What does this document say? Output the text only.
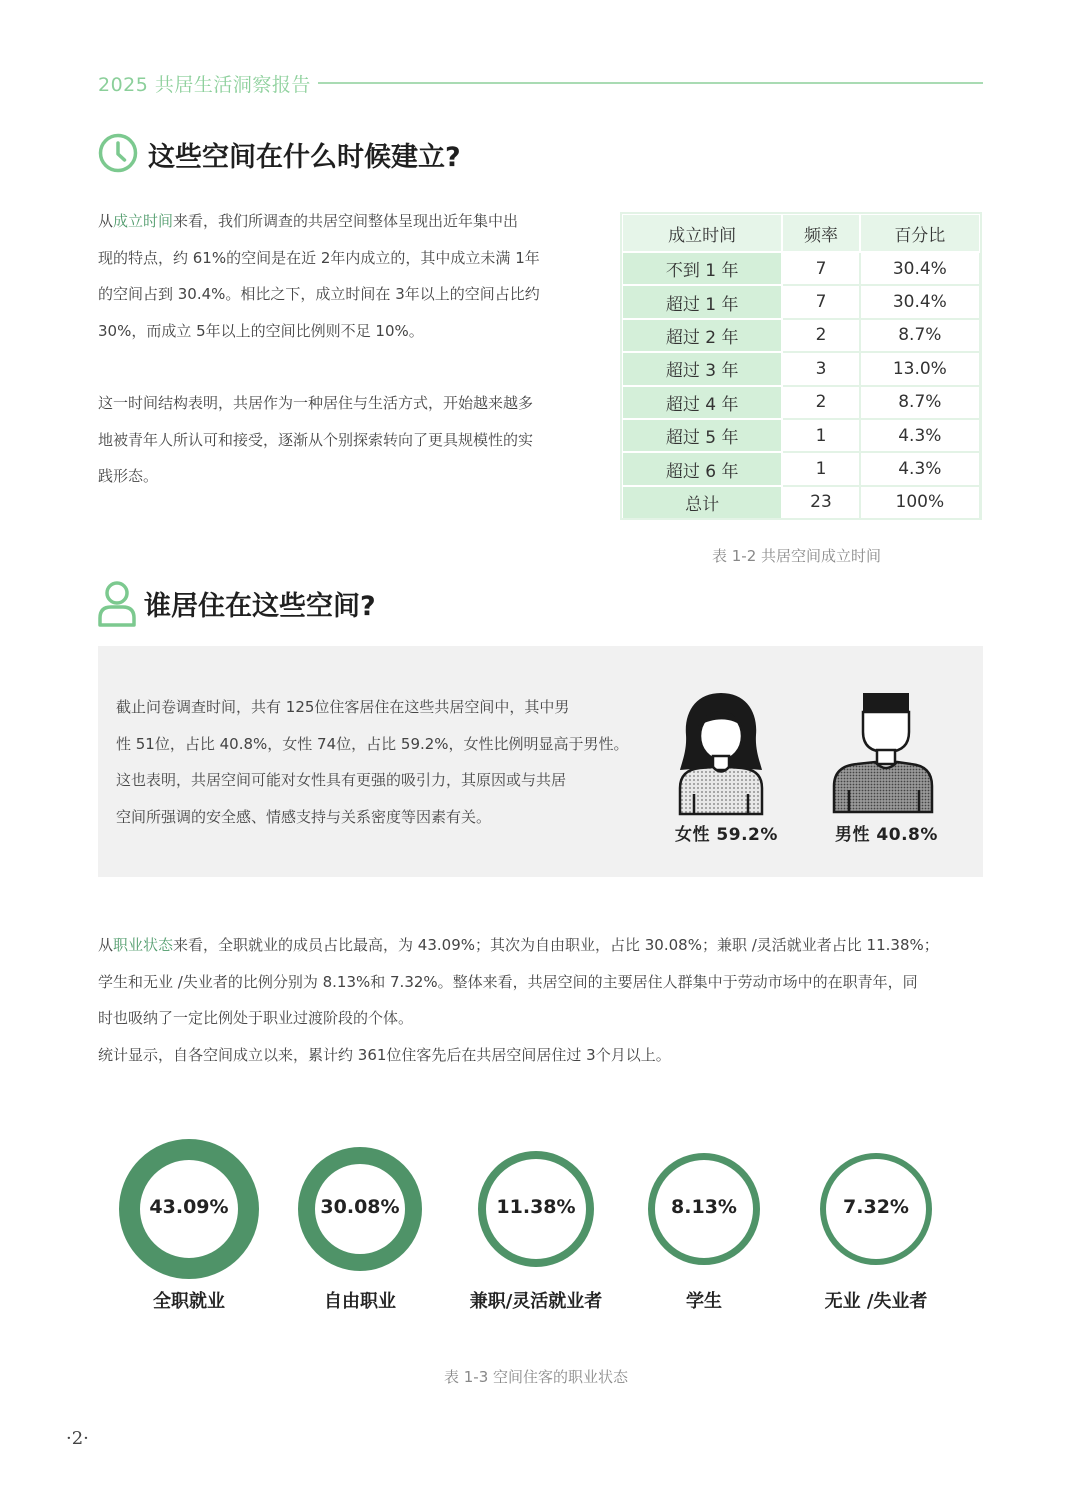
2025 共居生活洞察报告
这些空间在什么时候建立?
从成立时间来看，我们所调查的共居空间整体呈现出近年集中出
现的特点，约 61%的空间是在近 2年内成立的，其中成立未满 1年
的空间占到 30.4%。相比之下，成立时间在 3年以上的空间占比约
30%，而成立 5年以上的空间比例则不足 10%。
这一时间结构表明，共居作为一种居住与生活方式，开始越来越多
地被青年人所认可和接受，逐渐从个别探索转向了更具规模性的实
践形态。
成立时间	频率	百分比
不到 1 年	7	30.4%
超过 1 年	7	30.4%
超过 2 年	2	8.7%
超过 3 年	3	13.0%
超过 4 年	2	8.7%
超过 5 年	1	4.3%
超过 6 年	1	4.3%
总计	23	100%
表 1-2 共居空间成立时间
谁居住在这些空间?
截止问卷调查时间，共有 125位住客居住在这些共居空间中，其中男
性 51位，占比 40.8%，女性 74位，占比 59.2%，女性比例明显高于男性。
这也表明，共居空间可能对女性具有更强的吸引力，其原因或与共居
空间所强调的安全感、情感支持与关系密度等因素有关。
女性 59.2%	男性 40.8%
从职业状态来看，全职就业的成员占比最高，为 43.09%；其次为自由职业，占比 30.08%；兼职 /灵活就业者占比 11.38%；
学生和无业 /失业者的比例分别为 8.13%和 7.32%。整体来看，共居空间的主要居住人群集中于劳动市场中的在职青年，同
时也吸纳了一定比例处于职业过渡阶段的个体。
统计显示，自各空间成立以来，累计约 361位住客先后在共居空间居住过 3个月以上。
43.09%
全职就业
30.08%
自由职业
11.38%
兼职/灵活就业者
8.13%
学生
7.32%
无业 /失业者
表 1-3 空间住客的职业状态
·2·
